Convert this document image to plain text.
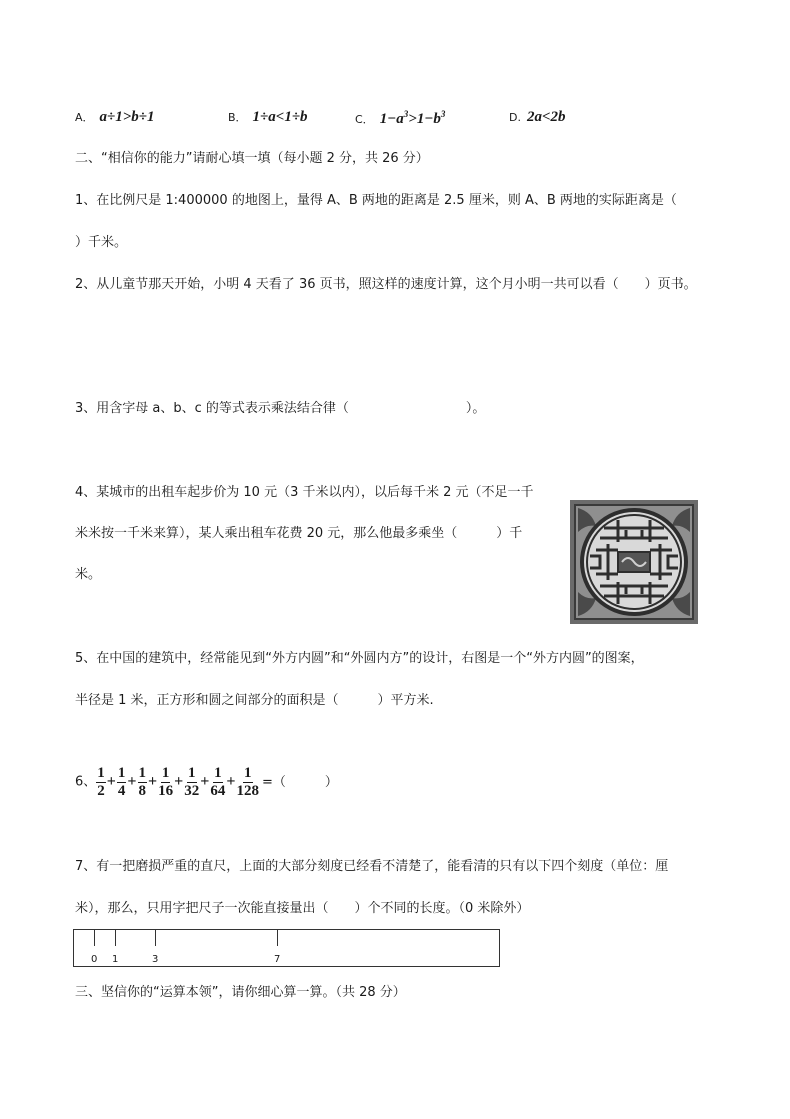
A． a÷1>b÷1	B． 1÷a<1÷b	C． $1-a^3>1-b^3$	D. 2a<2b
二、“相信你的能力”请耐心填一填（每小题 2 分，共 26 分）
1、在比例尺是 1:400000 的地图上，量得 A、B 两地的距离是 2.5 厘米，则 A、B 两地的实际距离是（
）千米。
2、从儿童节那天开始，小明 4 天看了 36 页书，照这样的速度计算，这个月小明一共可以看（　　）页书。
3、用含字母 a、b、c 的等式表示乘法结合律（　　　　　　　　　）。
4、某城市的出租车起步价为 10 元（3 千米以内），以后每千米 2 元（不足一千
米米按一千米来算），某人乘出租车花费 20 元，那么他最多乘坐（　　　）千
米。
5、在中国的建筑中，经常能见到“外方内圆”和“外圆内方”的设计，右图是一个“外方内圆”的图案，
半径是 1 米，正方形和圆之间部分的面积是（　　　）平方米.
6、 $\frac{1}{2} + \frac{1}{4} + \frac{1}{8} + \frac{1}{16} + \frac{1}{32} + \frac{1}{64} + \frac{1}{128}$ =（　　　）
7、有一把磨损严重的直尺，上面的大部分刻度已经看不清楚了，能看清的只有以下四个刻度（单位：厘
米），那么，只用字把尺子一次能直接量出（　　）个不同的长度。（0 米除外）
0 1	3	7
三、坚信你的“运算本领”，请你细心算一算。（共 28 分）
